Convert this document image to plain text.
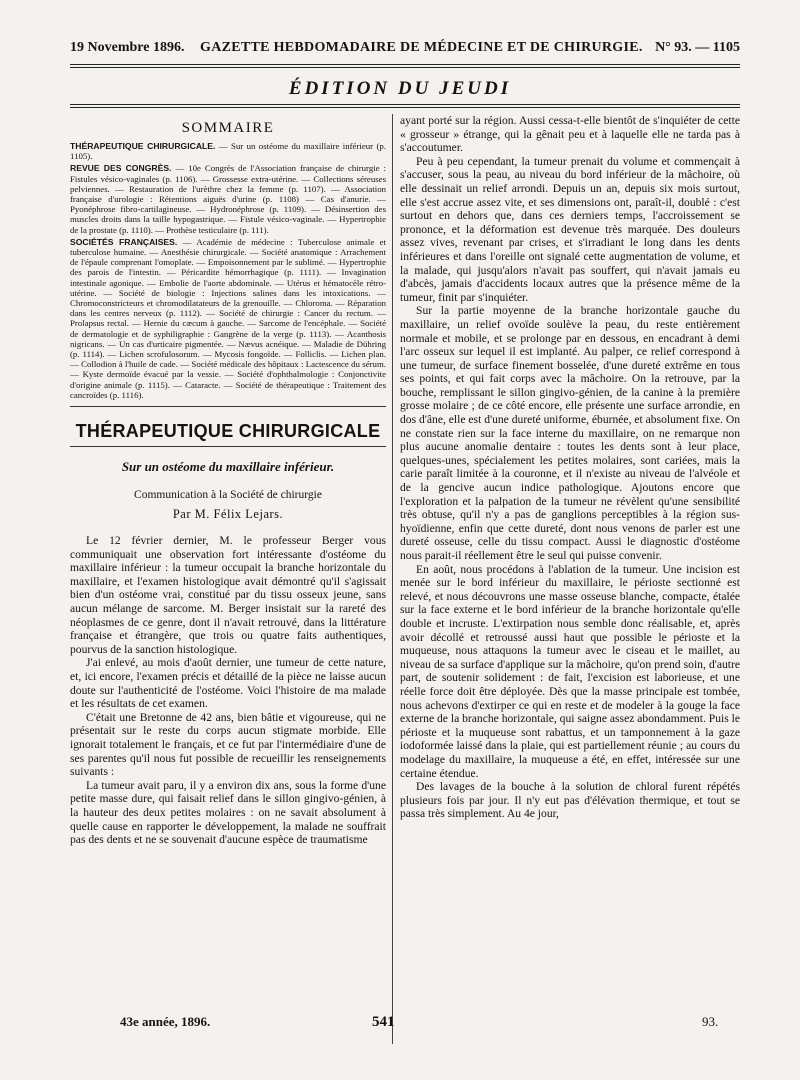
19 Novembre 1896. GAZETTE HEBDOMADAIRE DE MÉDECINE ET DE CHIRURGIE. N° 93. — 1105
ÉDITION DU JEUDI
SOMMAIRE

THÉRAPEUTIQUE CHIRURGICALE. — Sur un ostéome du maxillaire inférieur (p. 1105).

REVUE DES CONGRÈS. — 10e Congrès de l'Association française de chirurgie : Fistules vésico-vaginales (p. 1106). — Grossesse extra-utérine. — Collections séreuses pelviennes. — Restauration de l'urèthre chez la femme (p. 1107). — Association française d'urologie : Rétentions aiguës d'urine (p. 1108) — Cas d'anurie. — Pyonéphrose fibro-cartilagineuse. — Hydronéphrose (p. 1109). — Désinsertion des muscles droits dans la taille hypogastrique. — Fistule vésico-vaginale. — Hypertrophie de la prostate (p. 1110). — Prothèse testiculaire (p. 111).

SOCIÉTÉS FRANÇAISES. — Académie de médecine : Tuberculose animale et tuberculose humaine. — Anesthésie chirurgicale. — Société anatomique : Arrachement de l'épaule comprenant l'omoplate. — Empoisonnement par le sublimé. — Hypertrophie des parois de l'intestin. — Péricardite hémorrhagique (p. 1111). — Invagination intestinale agonique. — Embolie de l'aorte abdominale. — Utérus et hématocèle rétro-utérine. — Société de biologie : Injections salines dans les intoxications. — Chromoconstricteurs et chromodilatateurs de la grenouille. — Chloroma. — Réparation dans les centres nerveux (p. 1112). — Société de chirurgie : Cancer du rectum. — Prolapsus rectal. — Hernie du cæcum à gauche. — Sarcome de l'encéphale. — Société de dermatologie et de syphiligraphie : Gangrène de la verge (p. 1113). — Acanthosis nigricans. — Un cas d'urticaire pigmentée. — Nævus acnéique. — Maladie de Dühring (p. 1114). — Lichen scrofulosorum. — Mycosis fongoïde. — Folliclis. — Lichen plan. — Collodion à l'huile de cade. — Société médicale des hôpitaux : Lactescence du sérum. — Kyste dermoïde évacué par la vessie. — Société d'ophthalmologie : Conjonctivite d'origine animale (p. 1115). — Cataracte. — Société de thérapeutique : Traitement des cancroïdes (p. 1116).

THÉRAPEUTIQUE CHIRURGICALE
Sur un ostéome du maxillaire inférieur.
Communication à la Société de chirurgie
Par M. Félix Lejars.

Le 12 février dernier, M. le professeur Berger vous communiquait une observation fort intéressante d'ostéome du maxillaire inférieur : la tumeur occupait la branche horizontale du maxillaire, et l'examen histologique avait démontré qu'il s'agissait bien d'un ostéome vrai, constitué par du tissu osseux jeune, sans aucun mélange de sarcome. M. Berger insistait sur la rareté des néoplasmes de ce genre, dont il n'avait retrouvé, dans la littérature française et étrangère, que trois ou quatre faits authentiques, pourvus de la sanction histologique.

J'ai enlevé, au mois d'août dernier, une tumeur de cette nature, et, ici encore, l'examen précis et détaillé de la pièce ne laisse aucun doute sur l'authenticité de l'ostéome. Voici l'histoire de ma malade et les résultats de cet examen.

C'était une Bretonne de 42 ans, bien bâtie et vigoureuse, qui ne présentait sur le reste du corps aucun stigmate morbide. Elle ignorait totalement le français, et ce fut par l'intermédiaire d'une de ses parentes qu'il nous fut possible de recueillir les renseignements suivants :

La tumeur avait paru, il y a environ dix ans, sous la forme d'une petite masse dure, qui faisait relief dans le sillon gingivo-génien, à la hauteur des deux petites molaires : on ne savait absolument à quelle cause en rapporter le développement, la malade ne souffrait pas des dents et ne se souvenait d'aucune espèce de traumatisme

ayant porté sur la région. Aussi cessa-t-elle bientôt de s'inquiéter de cette « grosseur » étrange, qui la gênait peu et à laquelle elle ne tarda pas à s'accoutumer.

Peu à peu cependant, la tumeur prenait du volume et commençait à s'accuser, sous la peau, au niveau du bord inférieur de la mâchoire, où elle dessinait un relief arrondi. Depuis un an, depuis six mois surtout, elle s'est accrue assez vite, et ses dimensions ont, paraît-il, doublé : c'est surtout en dehors que, dans ces derniers temps, l'accroissement se prononce, et la déformation est devenue très marquée. Des douleurs assez vives, revenant par crises, et s'irradiant le long dans les dents inférieures et dans l'oreille ont signalé cette augmentation de volume, et la malade, qui jusqu'alors n'avait pas souffert, qui n'avait jamais eu d'abcès, jamais d'accidents locaux autres que la présence même de la tumeur, finit par s'inquiéter.

Sur la partie moyenne de la branche horizontale gauche du maxillaire, un relief ovoïde soulève la peau, du reste entièrement normale et mobile, et se prolonge par en dessous, en encadrant à demi l'arc osseux sur lequel il est implanté. Au palper, ce relief correspond à une tumeur, de surface finement bosselée, d'une dureté extrême en tous ses points, et qui fait corps avec la mâchoire. On la retrouve, par la bouche, remplissant le sillon gingivo-génien, de la canine à la première grosse molaire ; de ce côté encore, elle présente une surface arrondie, en dos d'âne, elle est d'une dureté uniforme, éburnée, et absolument fixe. On ne constate rien sur la face interne du maxillaire, on ne remarque non plus aucune anomalie dentaire : toutes les dents sont à leur place, quelques-unes, spécialement les petites molaires, sont cariées, mais la carie paraît limitée à la couronne, et il n'existe au niveau de l'alvéole et de la gencive aucun indice pathologique. Ajoutons encore que l'exploration et la palpation de la tumeur ne révèlent qu'une sensibilité très obtuse, qu'il n'y a pas de ganglions perceptibles à la région sus-hyoïdienne, enfin que cette dureté, dont nous venons de parler est une dureté osseuse, celle du tissu compact. Aussi le diagnostic d'ostéome nous parait-il réellement être le seul qui puisse convenir.

En août, nous procédons à l'ablation de la tumeur. Une incision est menée sur le bord inférieur du maxillaire, le périoste sectionné est relevé, et nous découvrons une masse osseuse blanche, compacte, étalée sur la face externe et le bord inférieur de la branche horizontale qu'elle double et incruste. L'extirpation nous semble donc réalisable, et, après avoir décollé et retroussé aussi haut que possible le périoste et la muqueuse, nous attaquons la tumeur avec le ciseau et le maillet, au niveau de sa surface d'applique sur la mâchoire, qu'on prend soin, d'autre part, de soutenir solidement : de fait, l'excision est laborieuse, et une réelle force doit être déployée. Dès que la masse principale est tombée, nous achevons d'extirper ce qui en reste et de modeler à la gouge la face externe de la branche horizontale, qui saigne assez abondamment. Puis le périoste et la muqueuse sont rabattus, et un tamponnement à la gaze iodoformée laissé dans la plaie, qui est partiellement réunie ; au cours du modelage du maxillaire, la muqueuse a été, en effet, intéressée sur une certaine étendue.

Des lavages de la bouche à la solution de chloral furent répétés plusieurs fois par jour. Il n'y eut pas d'élévation thermique, et tout se passa très simplement. Au 4e jour,

43e année, 1896.	541	93.
